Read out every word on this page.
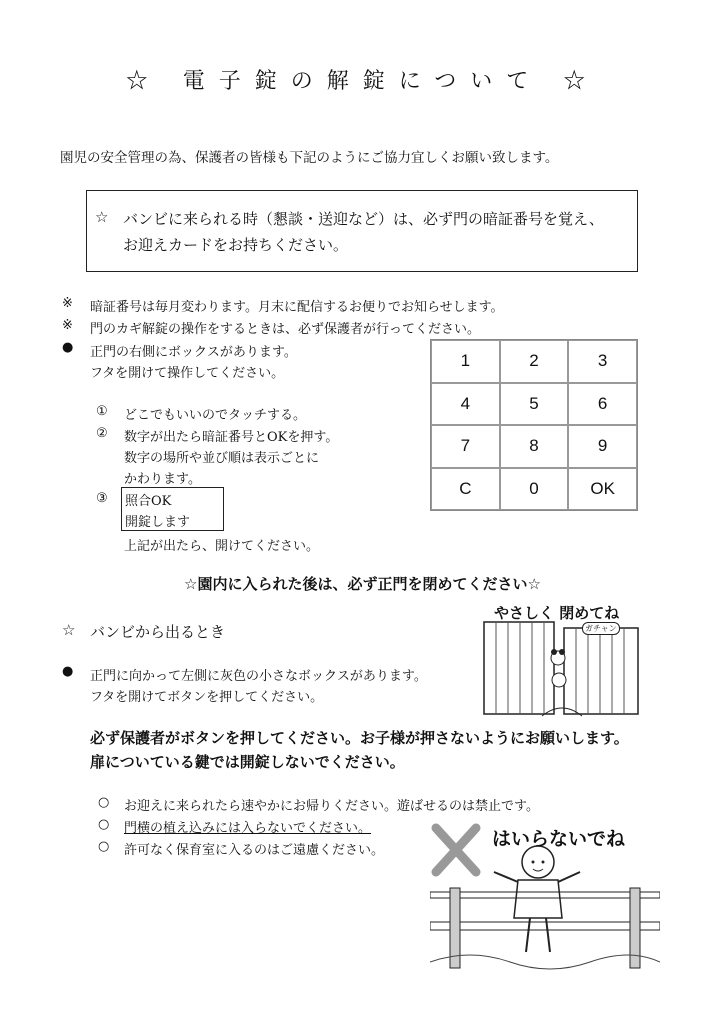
☆ 電子錠の解錠について ☆
園児の安全管理の為、保護者の皆様も下記のようにご協力宜しくお願い致します。
☆ バンビに来られる時（懇談・送迎など）は、必ず門の暗証番号を覚え、
お迎えカードをお持ちください。
※ 暗証番号は毎月変わります。月末に配信するお便りでお知らせします。
※ 門のカギ解錠の操作をするときは、必ず保護者が行ってください。
● 正門の右側にボックスがあります。
フタを開けて操作してください。
① どこでもいいのでタッチする。
② 数字が出たら暗証番号とOKを押す。
数字の場所や並び順は表示ごとに
かわります。
③ 照合OK
開錠します
上記が出たら、開けてください。
1	2	3
4	5	6
7	8	9
C	0	OK
☆園内に入られた後は、必ず正門を閉めてください☆
☆ バンビから出るとき
● 正門に向かって左側に灰色の小さなボックスがあります。
フタを開けてボタンを押してください。
必ず保護者がボタンを押してください。お子様が押さないようにお願いします。
扉についている鍵では開錠しないでください。
○ お迎えに来られたら速やかにお帰りください。遊ばせるのは禁止です。
○ 門横の植え込みには入らないでください。
○ 許可なく保育室に入るのはご遠慮ください。
やさしく 閉めてね
ガチャン
はいらないでね
